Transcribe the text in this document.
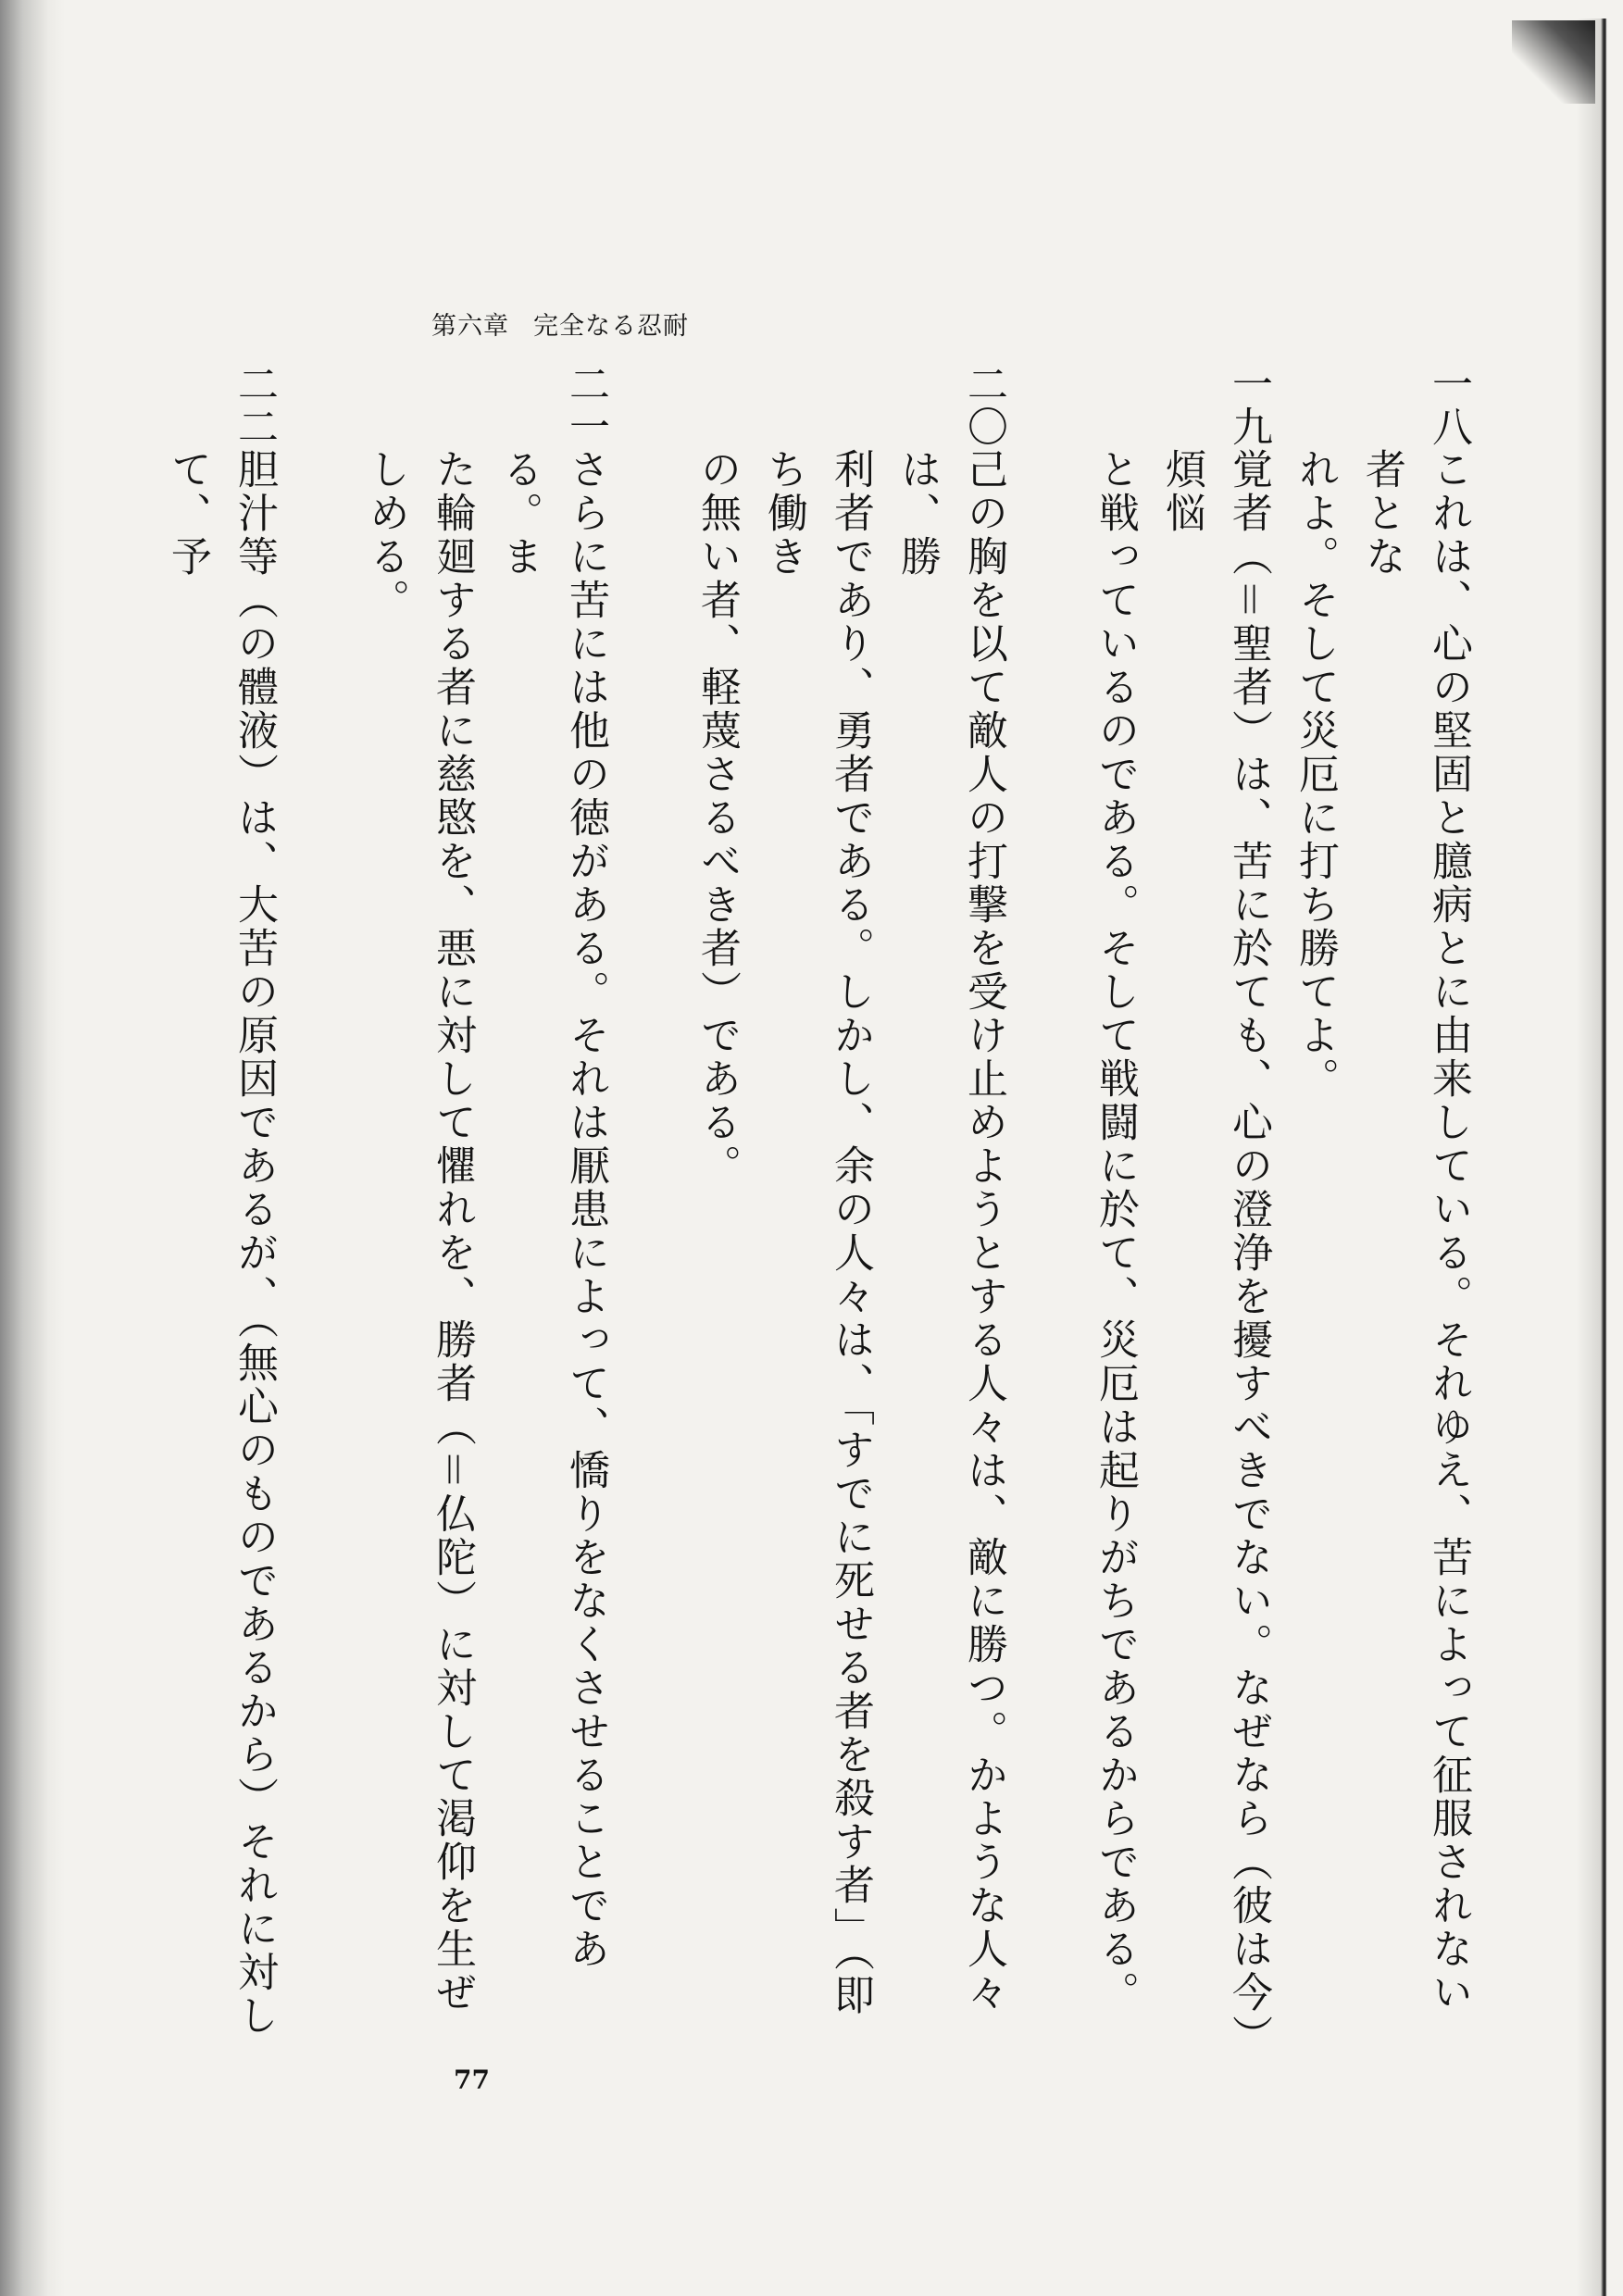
第六章 完全なる忍耐
一八
これは、心の堅固と臆病とに由来している。それゆえ、苦によって征服されない者とな
れよ。そして災厄に打ち勝てよ。
一九
覚者（＝聖者）は、苦に於ても、心の澄浄を擾すべきでない。なぜなら（彼は今）煩悩
と戦っているのである。そして戦闘に於て、災厄は起りがちであるからである。
二〇
己の胸を以て敵人の打撃を受け止めようとする人々は、敵に勝つ。かような人々は、勝
利者であり、勇者である。しかし、余の人々は、「すでに死せる者を殺す者」（即ち働き
の無い者、軽蔑さるべき者）である。
二一
さらに苦には他の徳がある。それは厭患によって、憍りをなくさせることである。ま
た輪廻する者に慈愍を、悪に対して懼れを、勝者（＝仏陀）に対して渇仰を生ぜしめる。
二二
胆汁等（の體液）は、大苦の原因であるが、（無心のものであるから）それに対して、予
77
